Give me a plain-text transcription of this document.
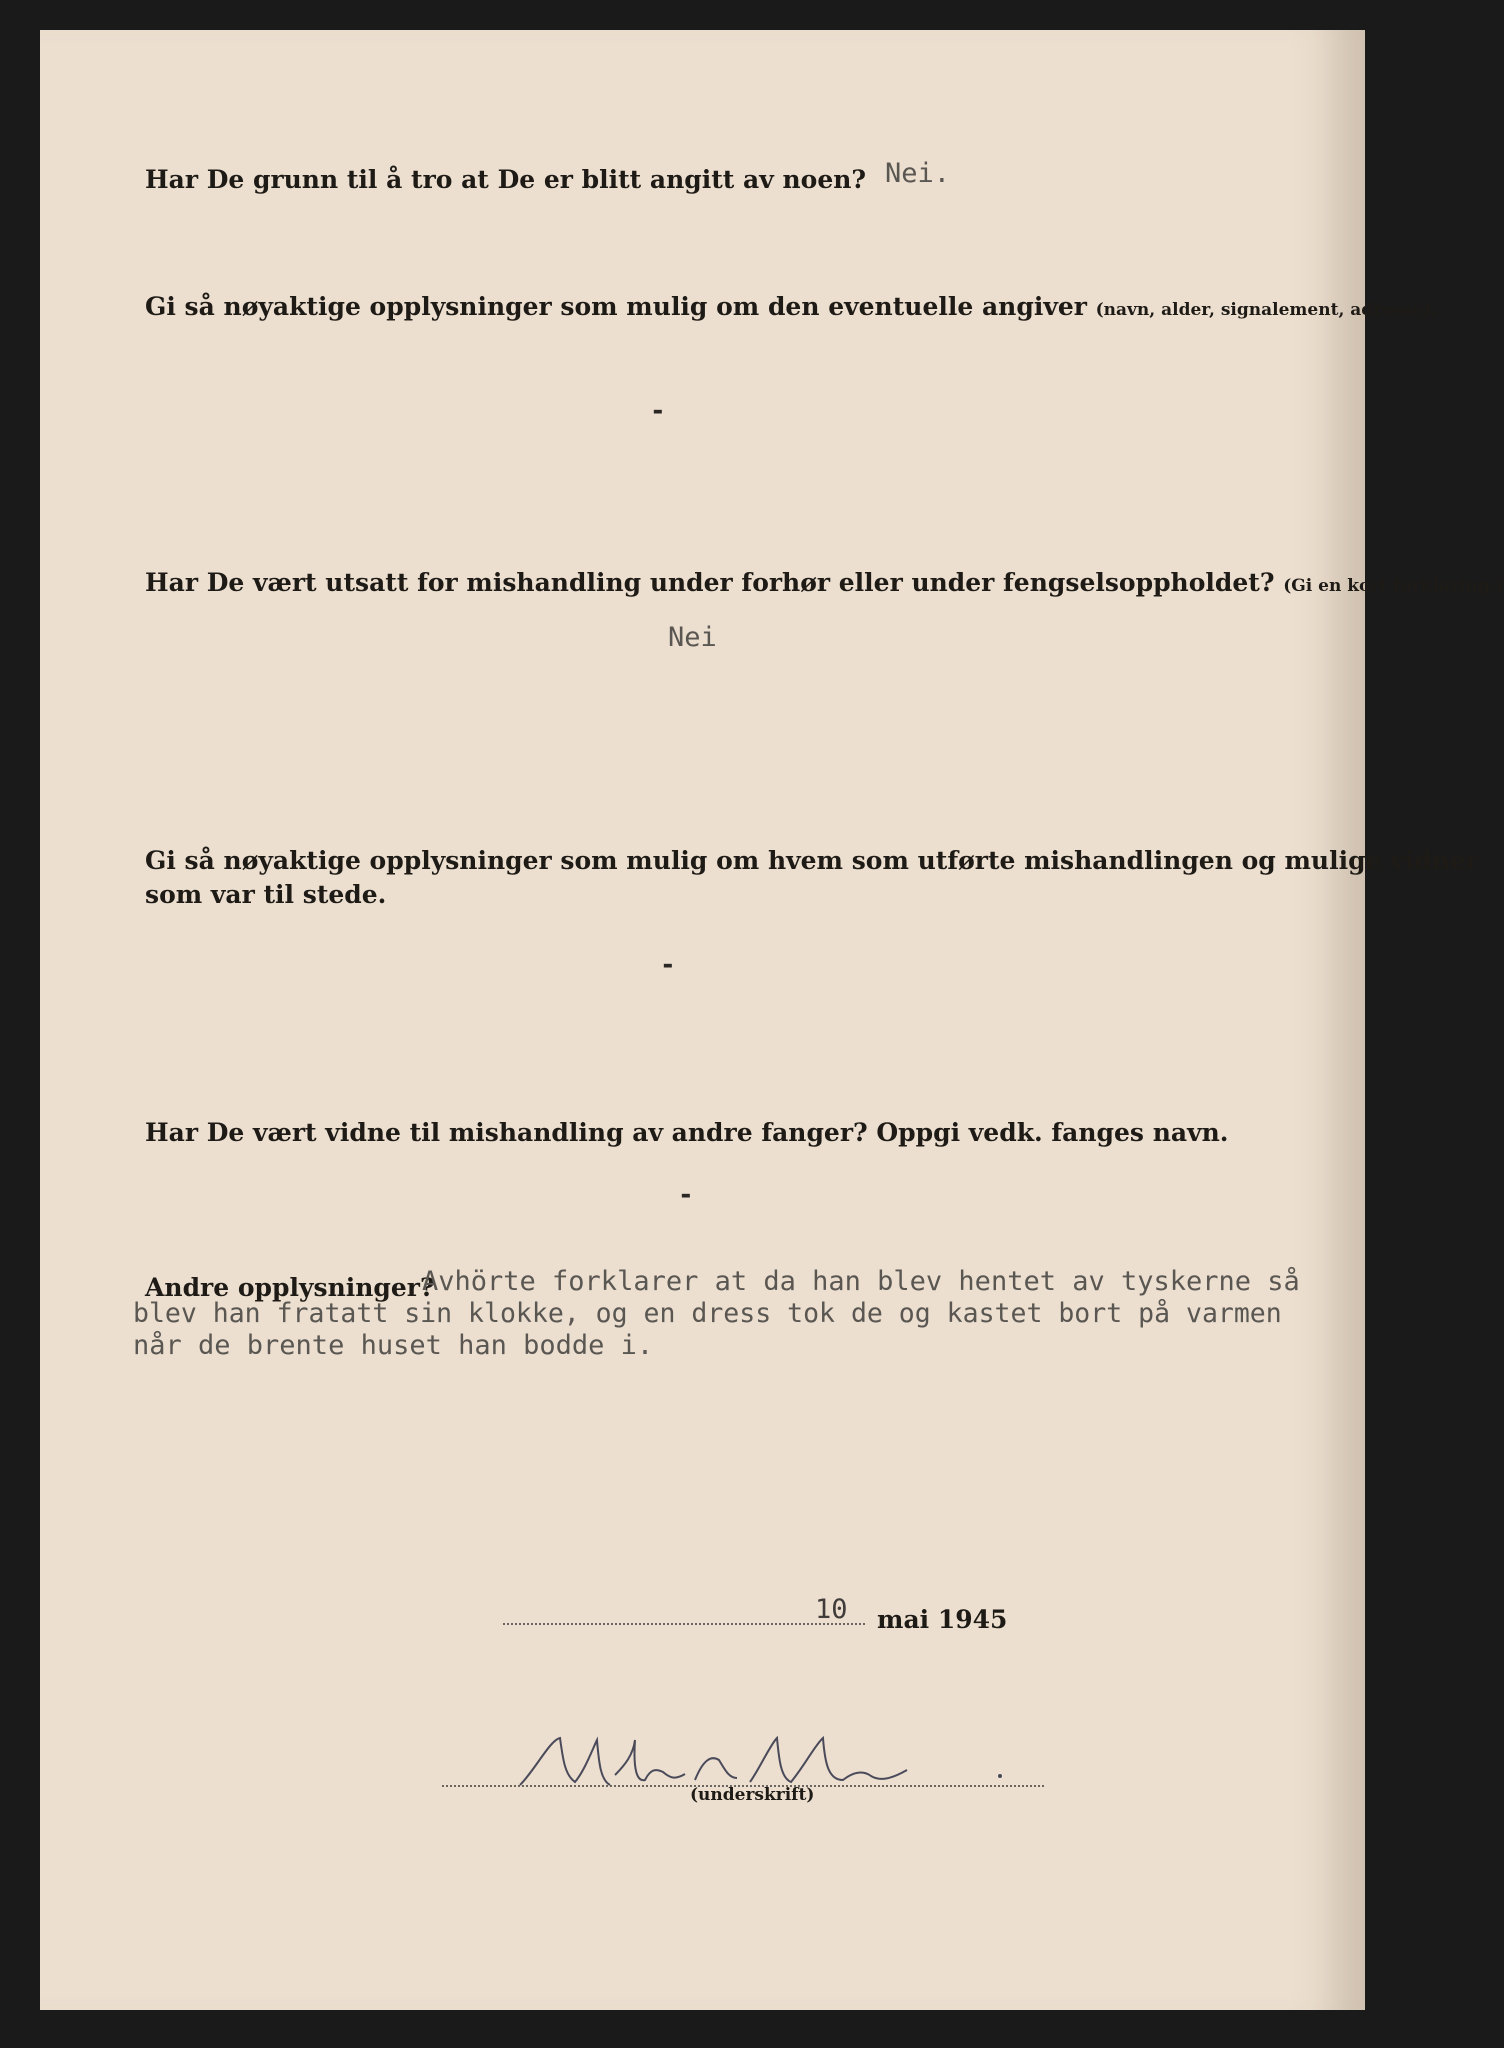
Har De grunn til å tro at De er blitt angitt av noen? Nei.
Gi så nøyaktige opplysninger som mulig om den eventuelle angiver (navn, alder, signalement, adresse).
-
Har De vært utsatt for mishandling under forhør eller under fengselsoppholdet? (Gi en kort forklaring.)
Nei
Gi så nøyaktige opplysninger som mulig om hvem som utførte mishandlingen og mulige vidner
som var til stede.
-
Har De vært vidne til mishandling av andre fanger? Oppgi vedk. fanges navn.
-
Andre opplysninger?
Avhörte forklarer at da han blev hentet av tyskerne så
blev han fratatt sin klokke, og en dress tok de og kastet bort på varmen
når de brente huset han bodde i.
10 mai 1945
(underskrift)
